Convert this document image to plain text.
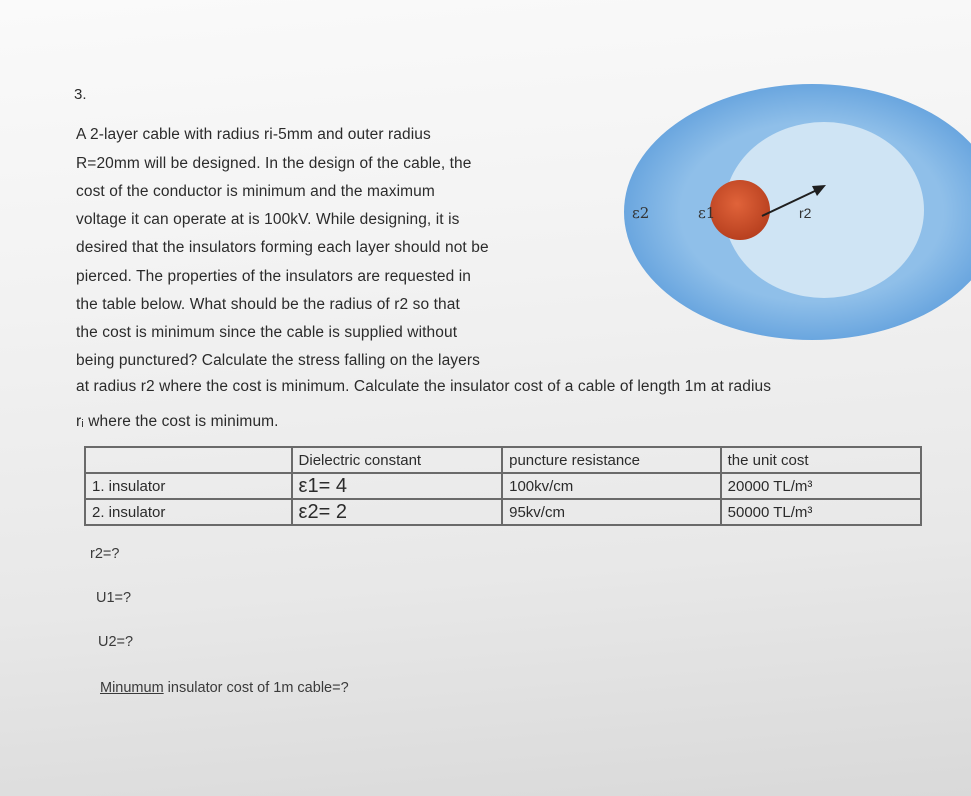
3.
A 2-layer cable with radius ri-5mm and outer radius
R=20mm will be designed. In the design of the cable, the
cost of the conductor is minimum and the maximum
voltage it can operate at is 100kV. While designing, it is
desired that the insulators forming each layer should not be
pierced. The properties of the insulators are requested in
the table below. What should be the radius of r2 so that
the cost is minimum since the cable is supplied without
being punctured? Calculate the stress falling on the layers
at radius r2 where the cost is minimum. Calculate the insulator cost of a cable of length 1m at radius
rᵢ where the cost is minimum.
ε2	ε1	r2
	Dielectric constant	puncture resistance	the unit cost
1. insulator	ε1= 4	100kv/cm	20000 TL/m³
2. insulator	ε2= 2	95kv/cm	50000 TL/m³
r2=?
U1=?
U2=?
Minumum insulator cost of 1m cable=?
